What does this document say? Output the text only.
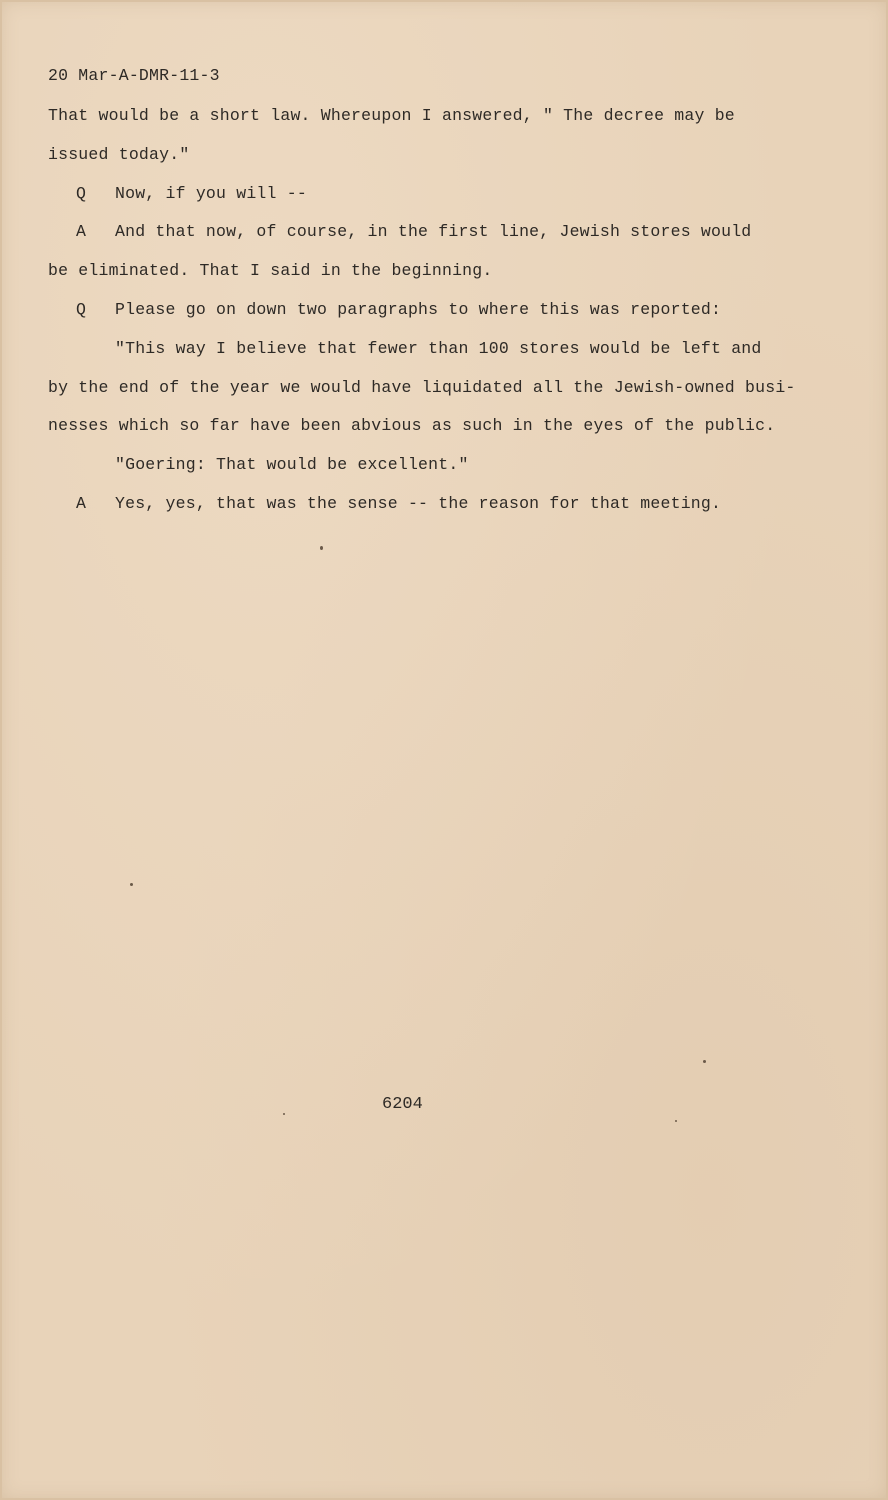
20 Mar-A-DMR-11-3
That would be a short law. Whereupon I answered, " The decree may be
issued today."
Q Now, if you will --
A And that now, of course, in the first line, Jewish stores would
be eliminated. That I said in the beginning.
Q Please go on down two paragraphs to where this was reported:
"This way I believe that fewer than 100 stores would be left and
by the end of the year we would have liquidated all the Jewish-owned busi-
nesses which so far have been abvious as such in the eyes of the public.
"Goering: That would be excellent."
A Yes, yes, that was the sense -- the reason for that meeting.
6204
